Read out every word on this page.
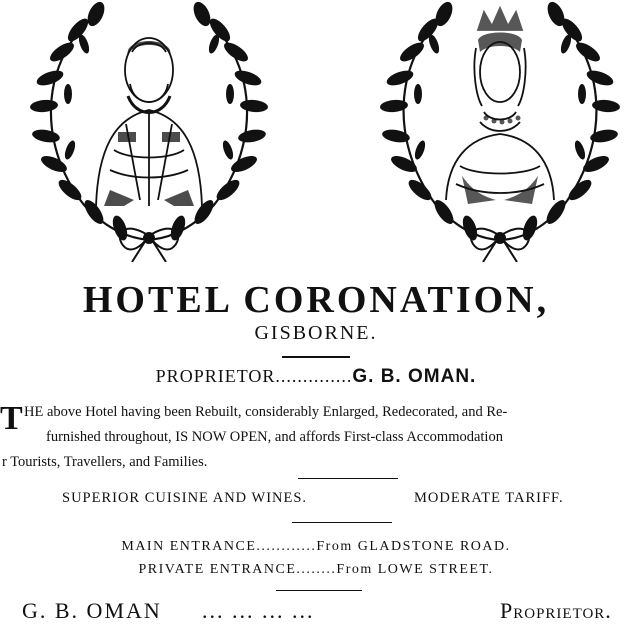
HOTEL CORONATION,
GISBORNE.
PROPRIETOR..............G. B. OMAN.
T HE above Hotel having been Rebuilt, considerably Enlarged, Redecorated, and Re-
furnished throughout, IS NOW OPEN, and affords First-class Accommodation
r Tourists, Travellers, and Families.
SUPERIOR CUISINE AND WINES.	MODERATE TARIFF.
MAIN ENTRANCE............From GLADSTONE ROAD.
PRIVATE ENTRANCE........From LOWE STREET.
G. B. OMAN ... ... ... ...	Proprietor.
